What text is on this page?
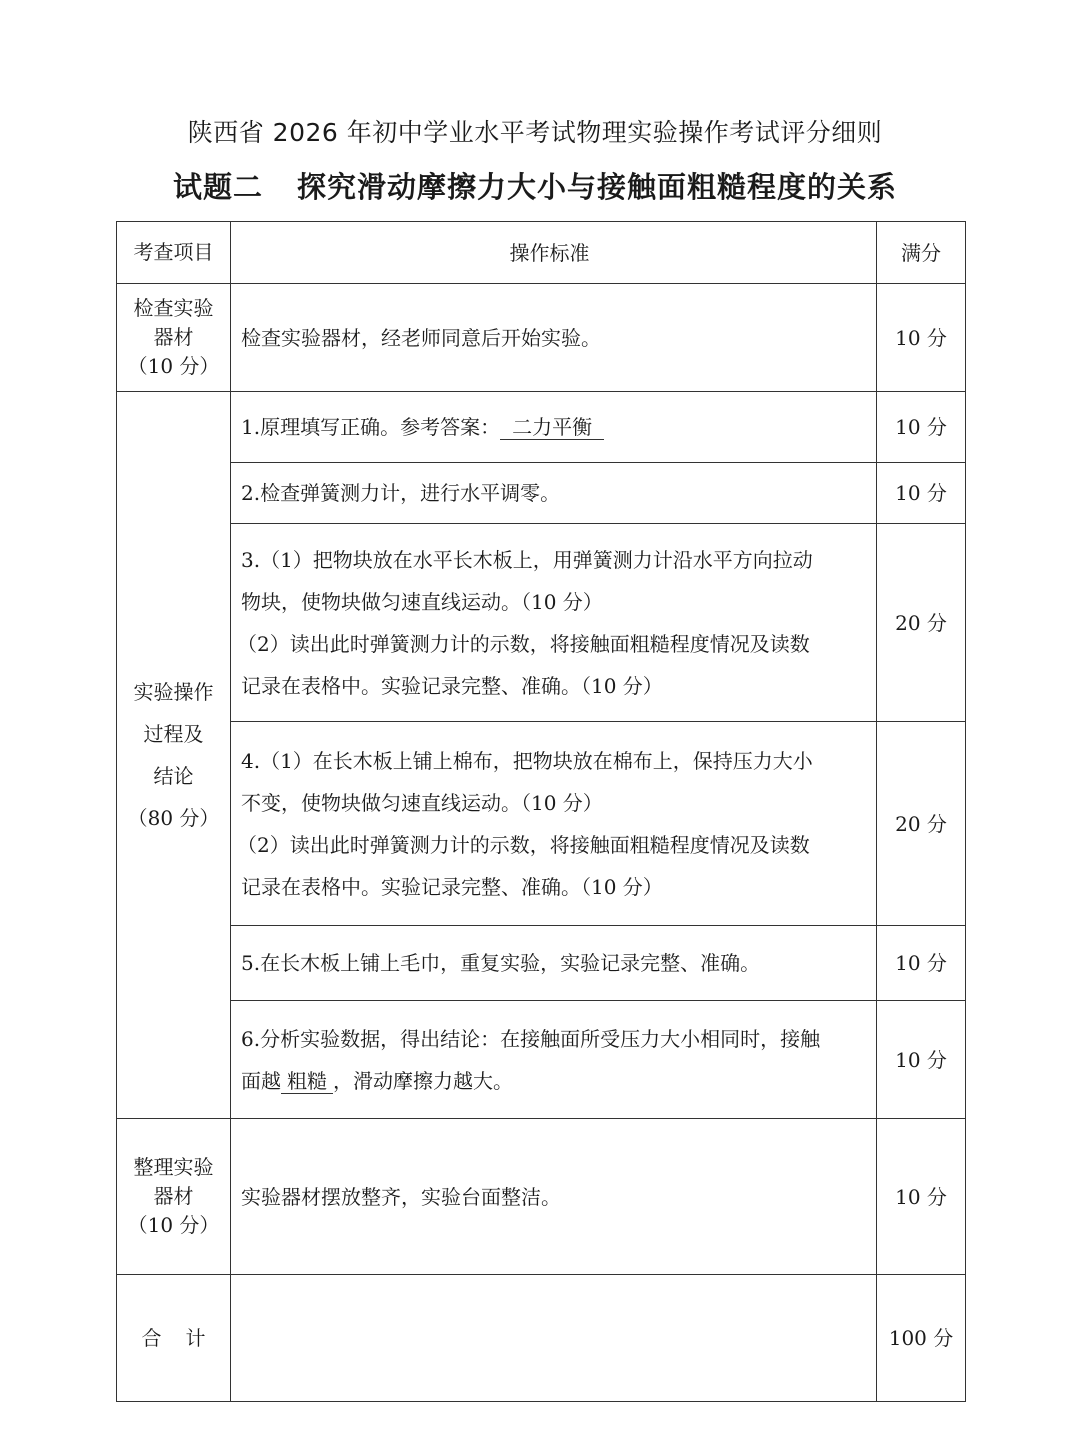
陕西省 2026 年初中学业水平考试物理实验操作考试评分细则
试题二 探究滑动摩擦力大小与接触面粗糙程度的关系
考查项目	操作标准	满分

检查实验
器材
（10 分）	检查实验器材，经老师同意后开始实验。	10 分

实验操作
过程及
结论
（80 分）	1.原理填写正确。参考答案： 二力平衡	10 分
	2.检查弹簧测力计，进行水平调零。	10 分

	3.（1）把物块放在水平长木板上，用弹簧测力计沿水平方向拉动
物块，使物块做匀速直线运动。（10 分）
（2）读出此时弹簧测力计的示数，将接触面粗糙程度情况及读数
记录在表格中。实验记录完整、准确。（10 分）	20 分

	4.（1）在长木板上铺上棉布，把物块放在棉布上，保持压力大小
不变，使物块做匀速直线运动。（10 分）
（2）读出此时弹簧测力计的示数，将接触面粗糙程度情况及读数
记录在表格中。实验记录完整、准确。（10 分）	20 分
	5.在长木板上铺上毛巾，重复实验，实验记录完整、准确。	10 分

	6.分析实验数据，得出结论：在接触面所受压力大小相同时，接触
面越 粗糙 ，滑动摩擦力越大。	10 分

整理实验
器材
（10 分）	实验器材摆放整齐，实验台面整洁。	10 分
合计		100 分
